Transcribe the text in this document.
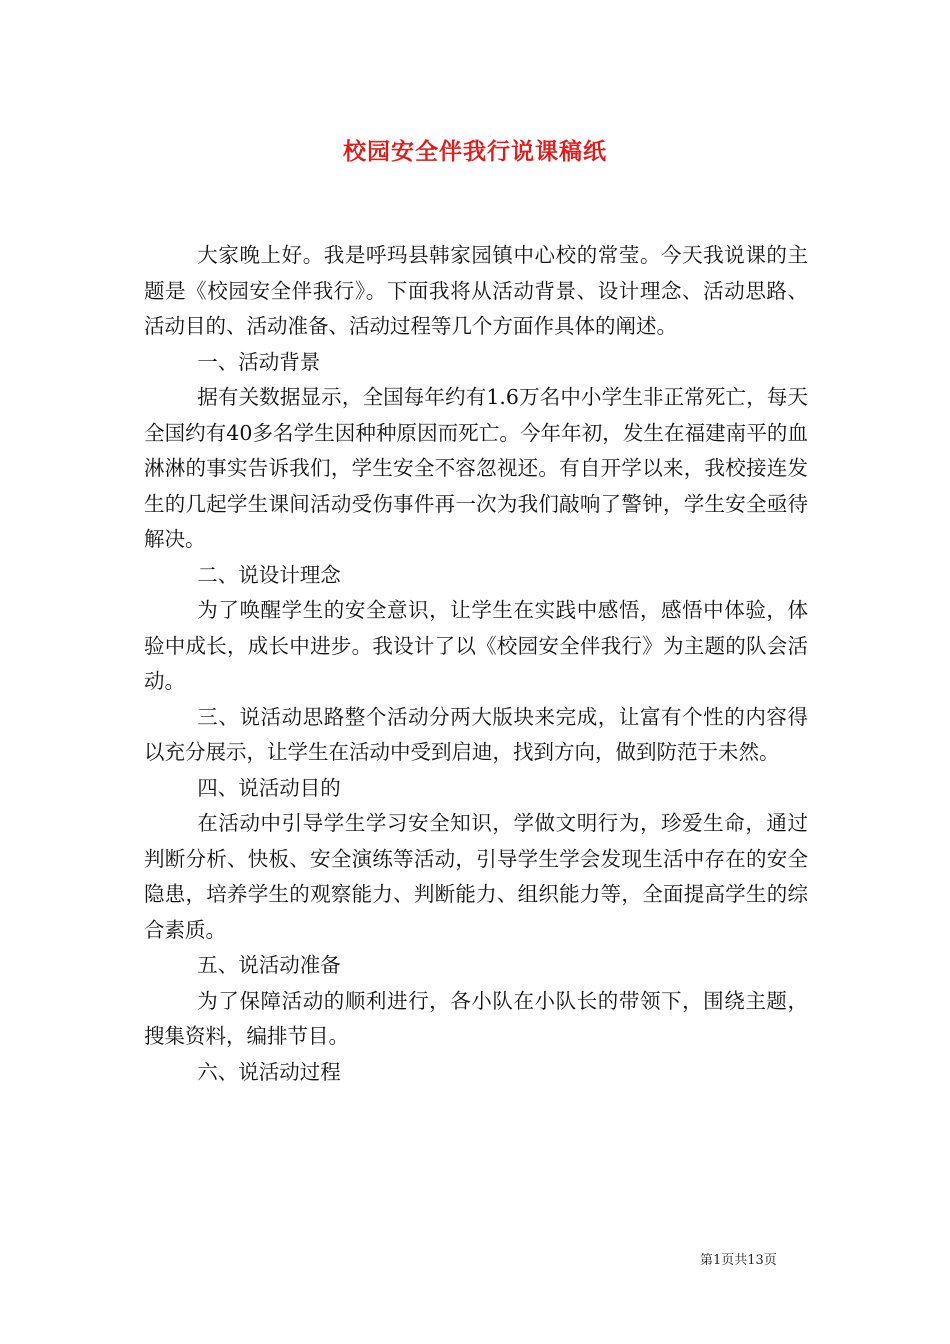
校园安全伴我行说课稿纸

大家晚上好。我是呼玛县韩家园镇中心校的常莹。今天我说课的主题是《校园安全伴我行》。下面我将从活动背景、设计理念、活动思路、活动目的、活动准备、活动过程等几个方面作具体的阐述。

一、活动背景

据有关数据显示，全国每年约有1.6万名中小学生非正常死亡，每天全国约有40多名学生因种种原因而死亡。今年年初，发生在福建南平的血淋淋的事实告诉我们，学生安全不容忽视还。有自开学以来，我校接连发生的几起学生课间活动受伤事件再一次为我们敲响了警钟，学生安全亟待解决。

二、说设计理念

为了唤醒学生的安全意识，让学生在实践中感悟，感悟中体验，体验中成长，成长中进步。我设计了以《校园安全伴我行》为主题的队会活动。

三、说活动思路整个活动分两大版块来完成，让富有个性的内容得以充分展示，让学生在活动中受到启迪，找到方向，做到防范于未然。

四、说活动目的

在活动中引导学生学习安全知识，学做文明行为，珍爱生命，通过判断分析、快板、安全演练等活动，引导学生学会发现生活中存在的安全隐患，培养学生的观察能力、判断能力、组织能力等，全面提高学生的综合素质。

五、说活动准备

为了保障活动的顺利进行，各小队在小队长的带领下，围绕主题，搜集资料，编排节目。

六、说活动过程

第1页共13页
